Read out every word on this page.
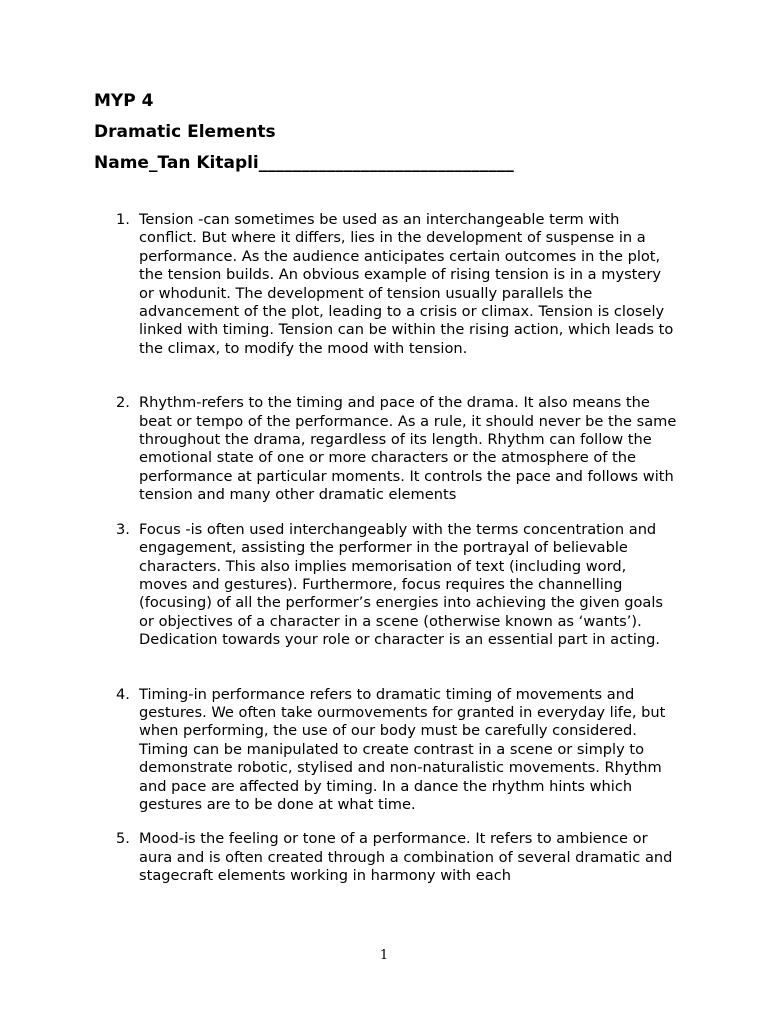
MYP 4
Dramatic Elements
Name_Tan Kitapli______________________________
1. Tension -can sometimes be used as an interchangeable term with conflict. But where it differs, lies in the development of suspense in a performance. As the audience anticipates certain outcomes in the plot, the tension builds. An obvious example of rising tension is in a mystery or whodunit. The development of tension usually parallels the advancement of the plot, leading to a crisis or climax. Tension is closely linked with timing. Tension can be within the rising action, which leads to the climax, to modify the mood with tension.
2. Rhythm-refers to the timing and pace of the drama. It also means the beat or tempo of the performance. As a rule, it should never be the same throughout the drama, regardless of its length. Rhythm can follow the emotional state of one or more characters or the atmosphere of the performance at particular moments. It controls the pace and follows with tension and many other dramatic elements
3. Focus -is often used interchangeably with the terms concentration and engagement, assisting the performer in the portrayal of believable characters. This also implies memorisation of text (including word, moves and gestures). Furthermore, focus requires the channelling (focusing) of all the performer’s energies into achieving the given goals or objectives of a character in a scene (otherwise known as ‘wants’). Dedication towards your role or character is an essential part in acting.
4. Timing-in performance refers to dramatic timing of movements and gestures. We often take ourmovements for granted in everyday life, but when performing, the use of our body must be carefully considered. Timing can be manipulated to create contrast in a scene or simply to demonstrate robotic, stylised and non-naturalistic movements. Rhythm and pace are affected by timing. In a dance the rhythm hints which gestures are to be done at what time.
5. Mood-is the feeling or tone of a performance. It refers to ambience or aura and is often created through a combination of several dramatic and stagecraft elements working in harmony with each
1
